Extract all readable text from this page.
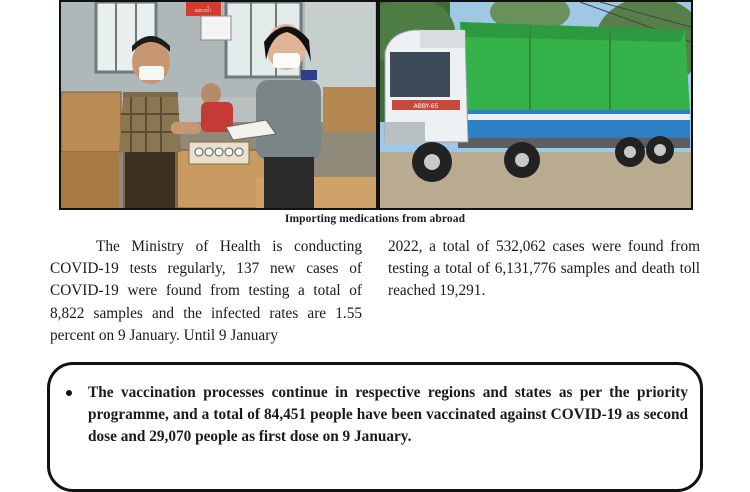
ဆေးဝါး
ABBY-65
Importing medications from abroad

The Ministry of Health is conducting COVID-19 tests regularly, 137 new cases of COVID-19 were found from testing a total of 8,822 samples and the infected rates are 1.55 percent on 9 January. Until 9 January

2022, a total of 532,062 cases were found from testing a total of 6,131,776 samples and death toll reached 19,291.

The vaccination processes continue in respective regions and states as per the priority programme, and a total of 84,451 people have been vaccinated against COVID-19 as second dose and 29,070 people as first dose on 9 January.
